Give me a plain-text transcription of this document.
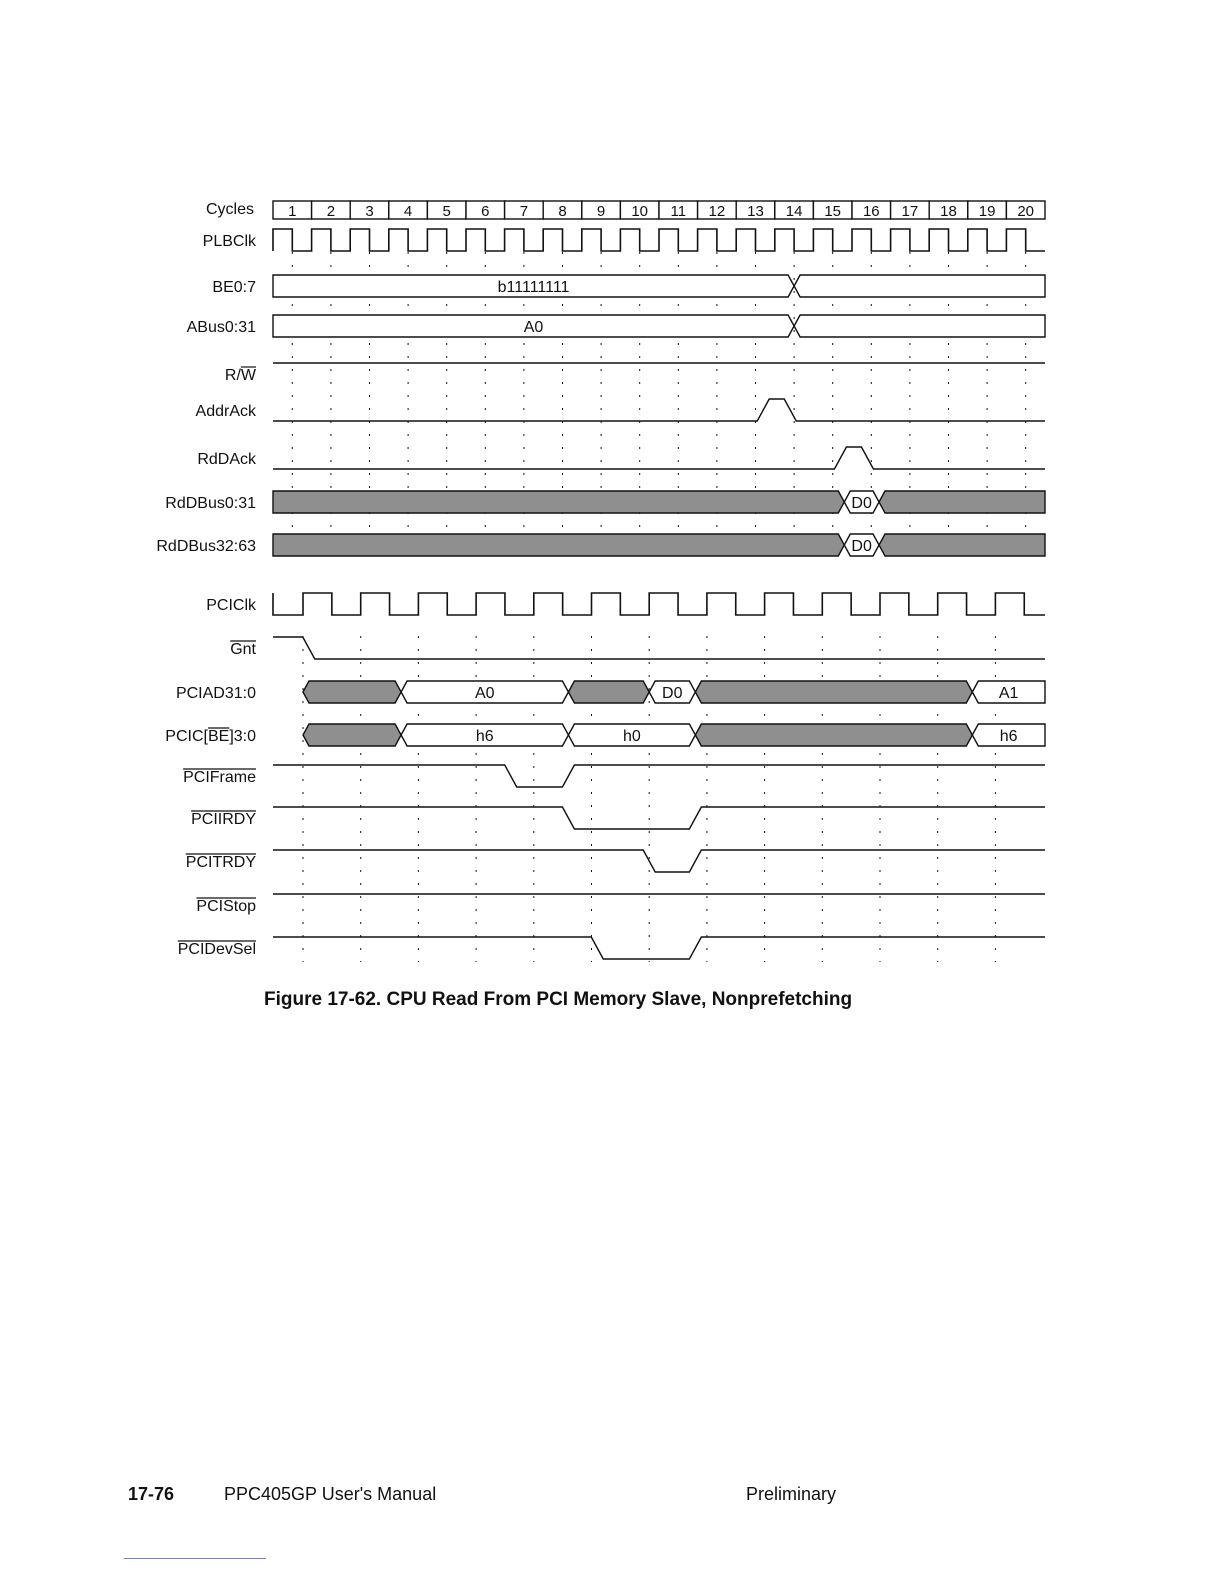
1 2 3 4 5 6 7 8 9 10 11 12 13 14 15 16 17 18 19 20
b11111111
A0
D0
D0
A0	D0	A1
h6	h0	h6
Cycles
PLBClk
BE0:7
ABus0:31
R/W
AddrAck
RdDAck
RdDBus0:31
RdDBus32:63
PCIClk
Gnt
PCIAD31:0
PCIC[BE]3:0
PCIFrame
PCIIRDY
PCITRDY
PCIStop
PCIDevSel
Figure 17-62. CPU Read From PCI Memory Slave, Nonprefetching
17-76	PPC405GP User's Manual	Preliminary
